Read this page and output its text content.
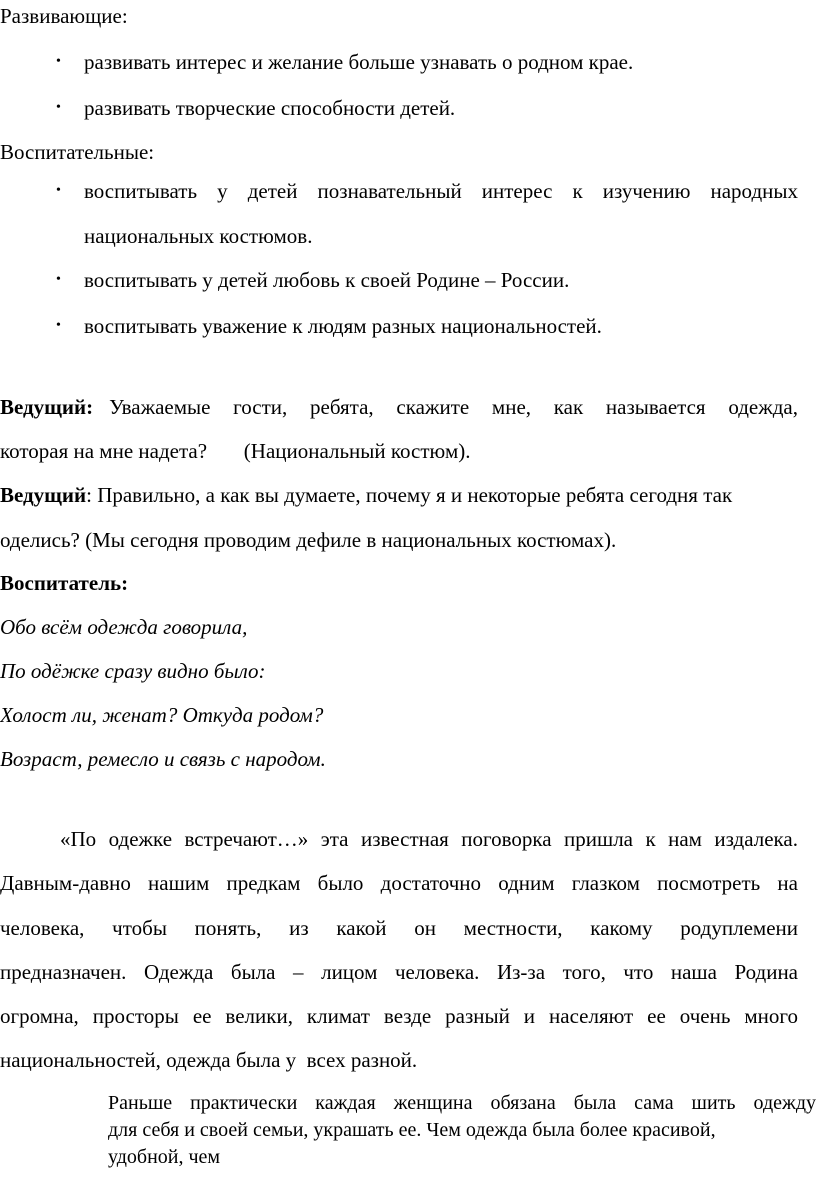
Развивающие:
• развивать интерес и желание больше узнавать о родном крае.
• развивать творческие способности детей.
Воспитательные:
• воспитывать у детей познавательный интерес к изучению народных
национальных костюмов.
• воспитывать у детей любовь к своей Родине – России.
• воспитывать уважение к людям разных национальностей.
Ведущий: Уважаемые гости, ребята, скажите мне, как называется одежда,
которая на мне надета?       (Национальный костюм).
Ведущий: Правильно, а как вы думаете, почему я и некоторые ребята сегодня так
оделись? (Мы сегодня проводим дефиле в национальных костюмах).
Воспитатель:
Обо всём одежда говорила,
По одёжке сразу видно было:
Холост ли, женат? Откуда родом?
Возраст, ремесло и связь с народом.
«По одежке встречают…» эта известная поговорка пришла к нам издалека.
Давным-давно нашим предкам было достаточно одним глазком посмотреть на
человека, чтобы понять, из какой он местности, какому родуплемени
предназначен. Одежда была – лицом человека. Из-за того, что наша Родина
огромна, просторы ее велики, климат везде разный и населяют ее очень много
национальностей, одежда была у  всех разной.
Раньше практически каждая женщина обязана была сама шить одежду
для себя и своей семьи, украшать ее. Чем одежда была более красивой,
удобной, чем
